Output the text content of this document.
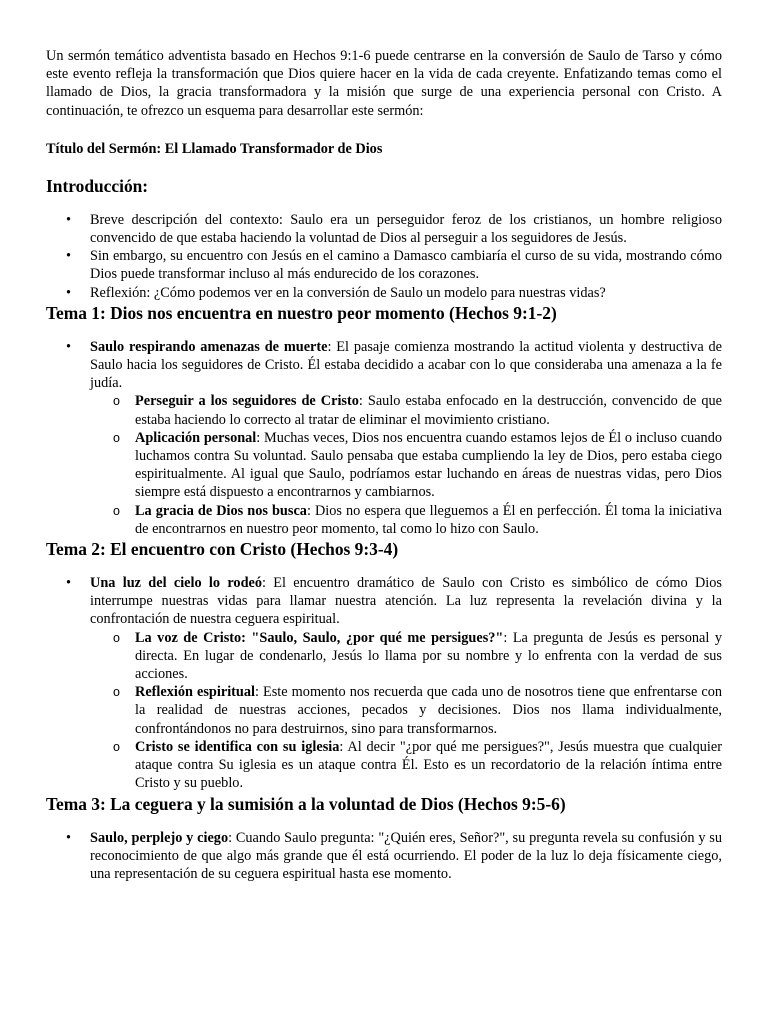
Un sermón temático adventista basado en Hechos 9:1-6 puede centrarse en la conversión de Saulo de Tarso y cómo este evento refleja la transformación que Dios quiere hacer en la vida de cada creyente. Enfatizando temas como el llamado de Dios, la gracia transformadora y la misión que surge de una experiencia personal con Cristo. A continuación, te ofrezco un esquema para desarrollar este sermón:

Título del Sermón: El Llamado Transformador de Dios

Introducción:
• Breve descripción del contexto: Saulo era un perseguidor feroz de los cristianos, un hombre religioso convencido de que estaba haciendo la voluntad de Dios al perseguir a los seguidores de Jesús.
• Sin embargo, su encuentro con Jesús en el camino a Damasco cambiaría el curso de su vida, mostrando cómo Dios puede transformar incluso al más endurecido de los corazones.
• Reflexión: ¿Cómo podemos ver en la conversión de Saulo un modelo para nuestras vidas?
Tema 1: Dios nos encuentra en nuestro peor momento (Hechos 9:1-2)
• Saulo respirando amenazas de muerte: El pasaje comienza mostrando la actitud violenta y destructiva de Saulo hacia los seguidores de Cristo. Él estaba decidido a acabar con lo que consideraba una amenaza a la fe judía.
o Perseguir a los seguidores de Cristo: Saulo estaba enfocado en la destrucción, convencido de que estaba haciendo lo correcto al tratar de eliminar el movimiento cristiano.
o Aplicación personal: Muchas veces, Dios nos encuentra cuando estamos lejos de Él o incluso cuando luchamos contra Su voluntad. Saulo pensaba que estaba cumpliendo la ley de Dios, pero estaba ciego espiritualmente. Al igual que Saulo, podríamos estar luchando en áreas de nuestras vidas, pero Dios siempre está dispuesto a encontrarnos y cambiarnos.
o La gracia de Dios nos busca: Dios no espera que lleguemos a Él en perfección. Él toma la iniciativa de encontrarnos en nuestro peor momento, tal como lo hizo con Saulo.
Tema 2: El encuentro con Cristo (Hechos 9:3-4)
• Una luz del cielo lo rodeó: El encuentro dramático de Saulo con Cristo es simbólico de cómo Dios interrumpe nuestras vidas para llamar nuestra atención. La luz representa la revelación divina y la confrontación de nuestra ceguera espiritual.
o La voz de Cristo: "Saulo, Saulo, ¿por qué me persigues?": La pregunta de Jesús es personal y directa. En lugar de condenarlo, Jesús lo llama por su nombre y lo enfrenta con la verdad de sus acciones.
o Reflexión espiritual: Este momento nos recuerda que cada uno de nosotros tiene que enfrentarse con la realidad de nuestras acciones, pecados y decisiones. Dios nos llama individualmente, confrontándonos no para destruirnos, sino para transformarnos.
o Cristo se identifica con su iglesia: Al decir "¿por qué me persigues?", Jesús muestra que cualquier ataque contra Su iglesia es un ataque contra Él. Esto es un recordatorio de la relación íntima entre Cristo y su pueblo.
Tema 3: La ceguera y la sumisión a la voluntad de Dios (Hechos 9:5-6)
• Saulo, perplejo y ciego: Cuando Saulo pregunta: "¿Quién eres, Señor?", su pregunta revela su confusión y su reconocimiento de que algo más grande que él está ocurriendo. El poder de la luz lo deja físicamente ciego, una representación de su ceguera espiritual hasta ese momento.
